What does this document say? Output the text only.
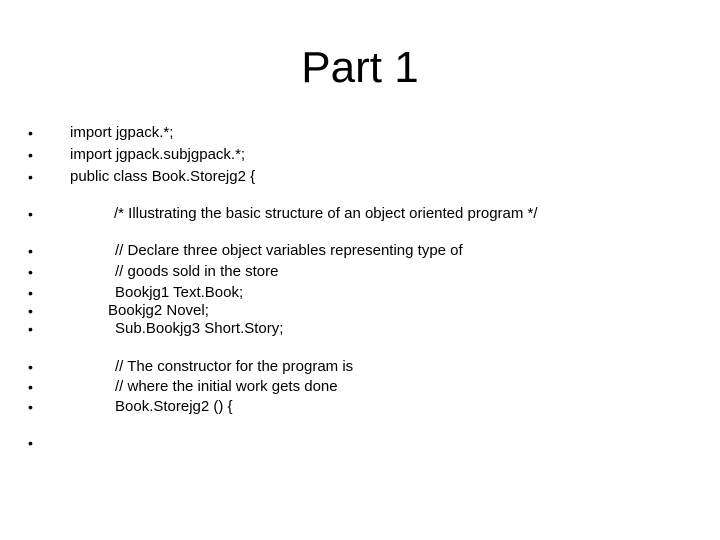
Part 1
• import jgpack.*;
• import jgpack.subjgpack.*;
• public class Book.Storejg2 {
•	/* Illustrating the basic structure of an object oriented program */
•	// Declare three object variables representing type of
•	// goods sold in the store
•	Bookjg1 Text.Book;
•	Bookjg2 Novel;
•	Sub.Bookjg3 Short.Story;
•	// The constructor for the program is
•	// where the initial work gets done
•	Book.Storejg2 () {
•
